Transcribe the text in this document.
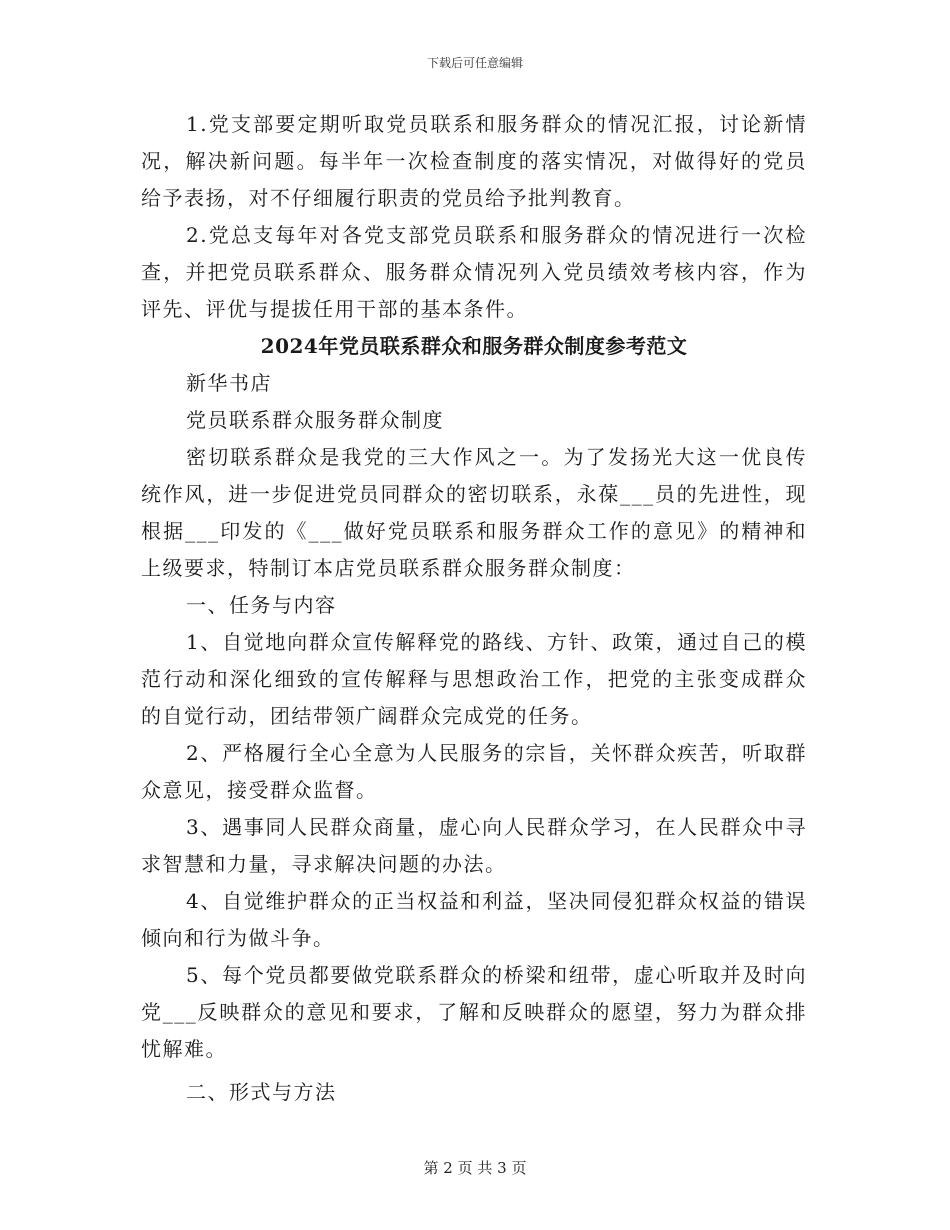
下载后可任意编辑

1.党支部要定期听取党员联系和服务群众的情况汇报，讨论新情况，解决新问题。每半年一次检查制度的落实情况，对做得好的党员给予表扬，对不仔细履行职责的党员给予批判教育。

2.党总支每年对各党支部党员联系和服务群众的情况进行一次检查，并把党员联系群众、服务群众情况列入党员绩效考核内容，作为评先、评优与提拔任用干部的基本条件。

2024年党员联系群众和服务群众制度参考范文

新华书店

党员联系群众服务群众制度

密切联系群众是我党的三大作风之一。为了发扬光大这一优良传统作风，进一步促进党员同群众的密切联系，永葆___员的先进性，现根据___印发的《___做好党员联系和服务群众工作的意见》的精神和上级要求，特制订本店党员联系群众服务群众制度：

一、任务与内容

1、自觉地向群众宣传解释党的路线、方针、政策，通过自己的模范行动和深化细致的宣传解释与思想政治工作，把党的主张变成群众的自觉行动，团结带领广阔群众完成党的任务。

2、严格履行全心全意为人民服务的宗旨，关怀群众疾苦，听取群众意见，接受群众监督。

3、遇事同人民群众商量，虚心向人民群众学习，在人民群众中寻求智慧和力量，寻求解决问题的办法。

4、自觉维护群众的正当权益和利益，坚决同侵犯群众权益的错误倾向和行为做斗争。

5、每个党员都要做党联系群众的桥梁和纽带，虚心听取并及时向党___反映群众的意见和要求，了解和反映群众的愿望，努力为群众排忧解难。

二、形式与方法

第 2 页 共 3 页
